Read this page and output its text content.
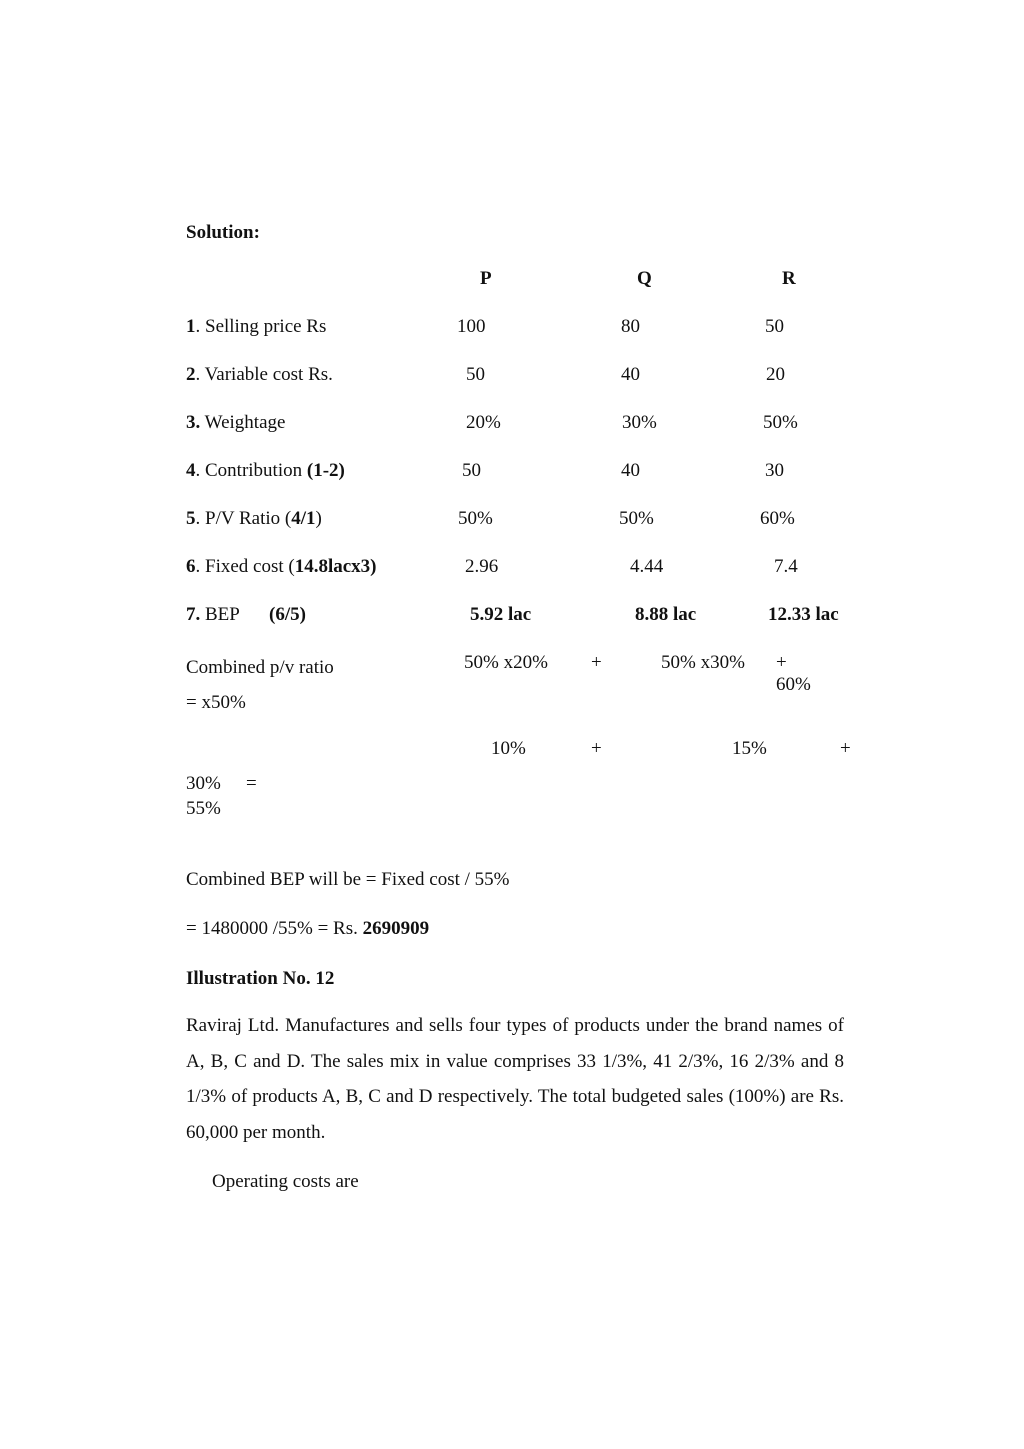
Solution:
P	Q	R
1. Selling price Rs	100	80	50
2. Variable cost Rs.	50	40	20
3. Weightage	20%	30%	50%
4. Contribution (1-2)	50	40	30
5. P/V Ratio (4/1)	50%	50%	60%
6. Fixed cost (14.8lacx3)	2.96	4.44	7.4
7. BEP (6/5)	5.92 lac	8.88 lac	12.33 lac
Combined p/v ratio
= x50%
50% x20% +	50% x30% +
60%
10%	+	15%	+
30% =
55%
Combined BEP will be = Fixed cost / 55%
= 1480000 /55% = Rs. 2690909
Illustration No. 12
Raviraj Ltd. Manufactures and sells four types of products under the brand names of A, B, C and D. The sales mix in value comprises 33 1/3%, 41 2/3%, 16 2/3% and 8 1/3% of products A, B, C and D respectively. The total budgeted sales (100%) are Rs. 60,000 per month.
Operating costs are
